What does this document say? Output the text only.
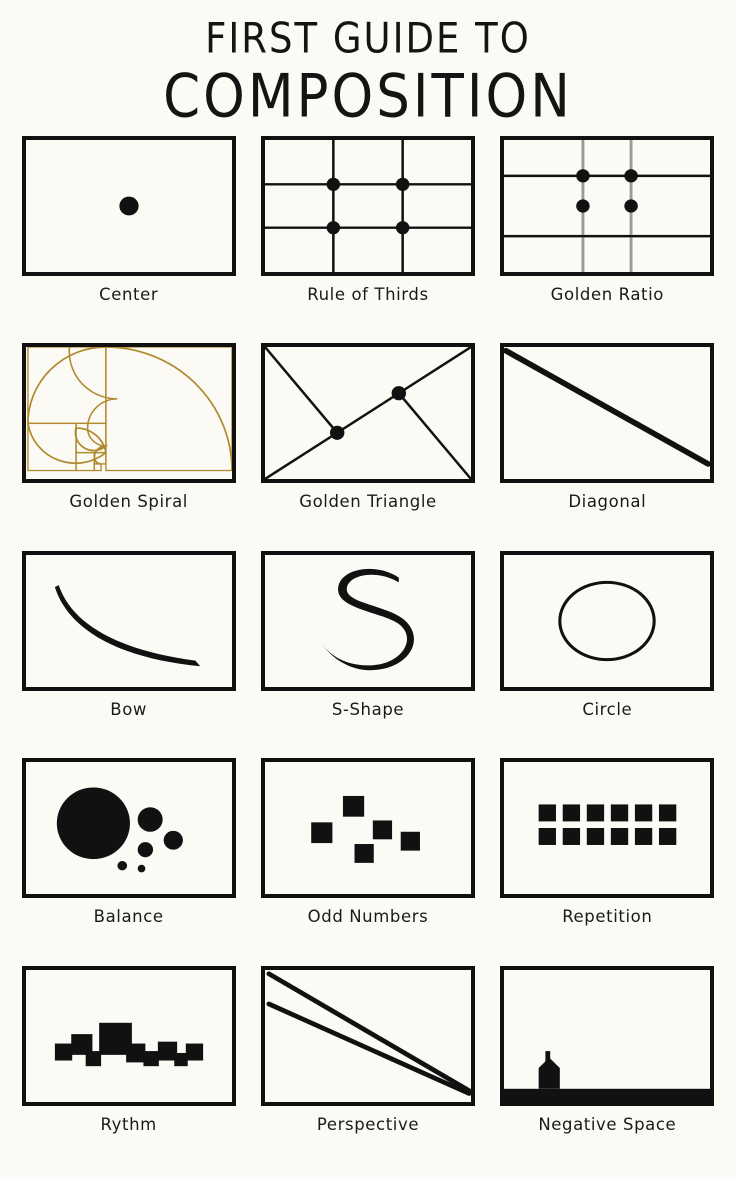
FIRST GUIDE TO
COMPOSITION
Center	Rule of Thirds	Golden Ratio
Golden Spiral	Golden Triangle	Diagonal
Bow	S-Shape	Circle
Balance	Odd Numbers	Repetition
Rythm	Perspective	Negative Space
